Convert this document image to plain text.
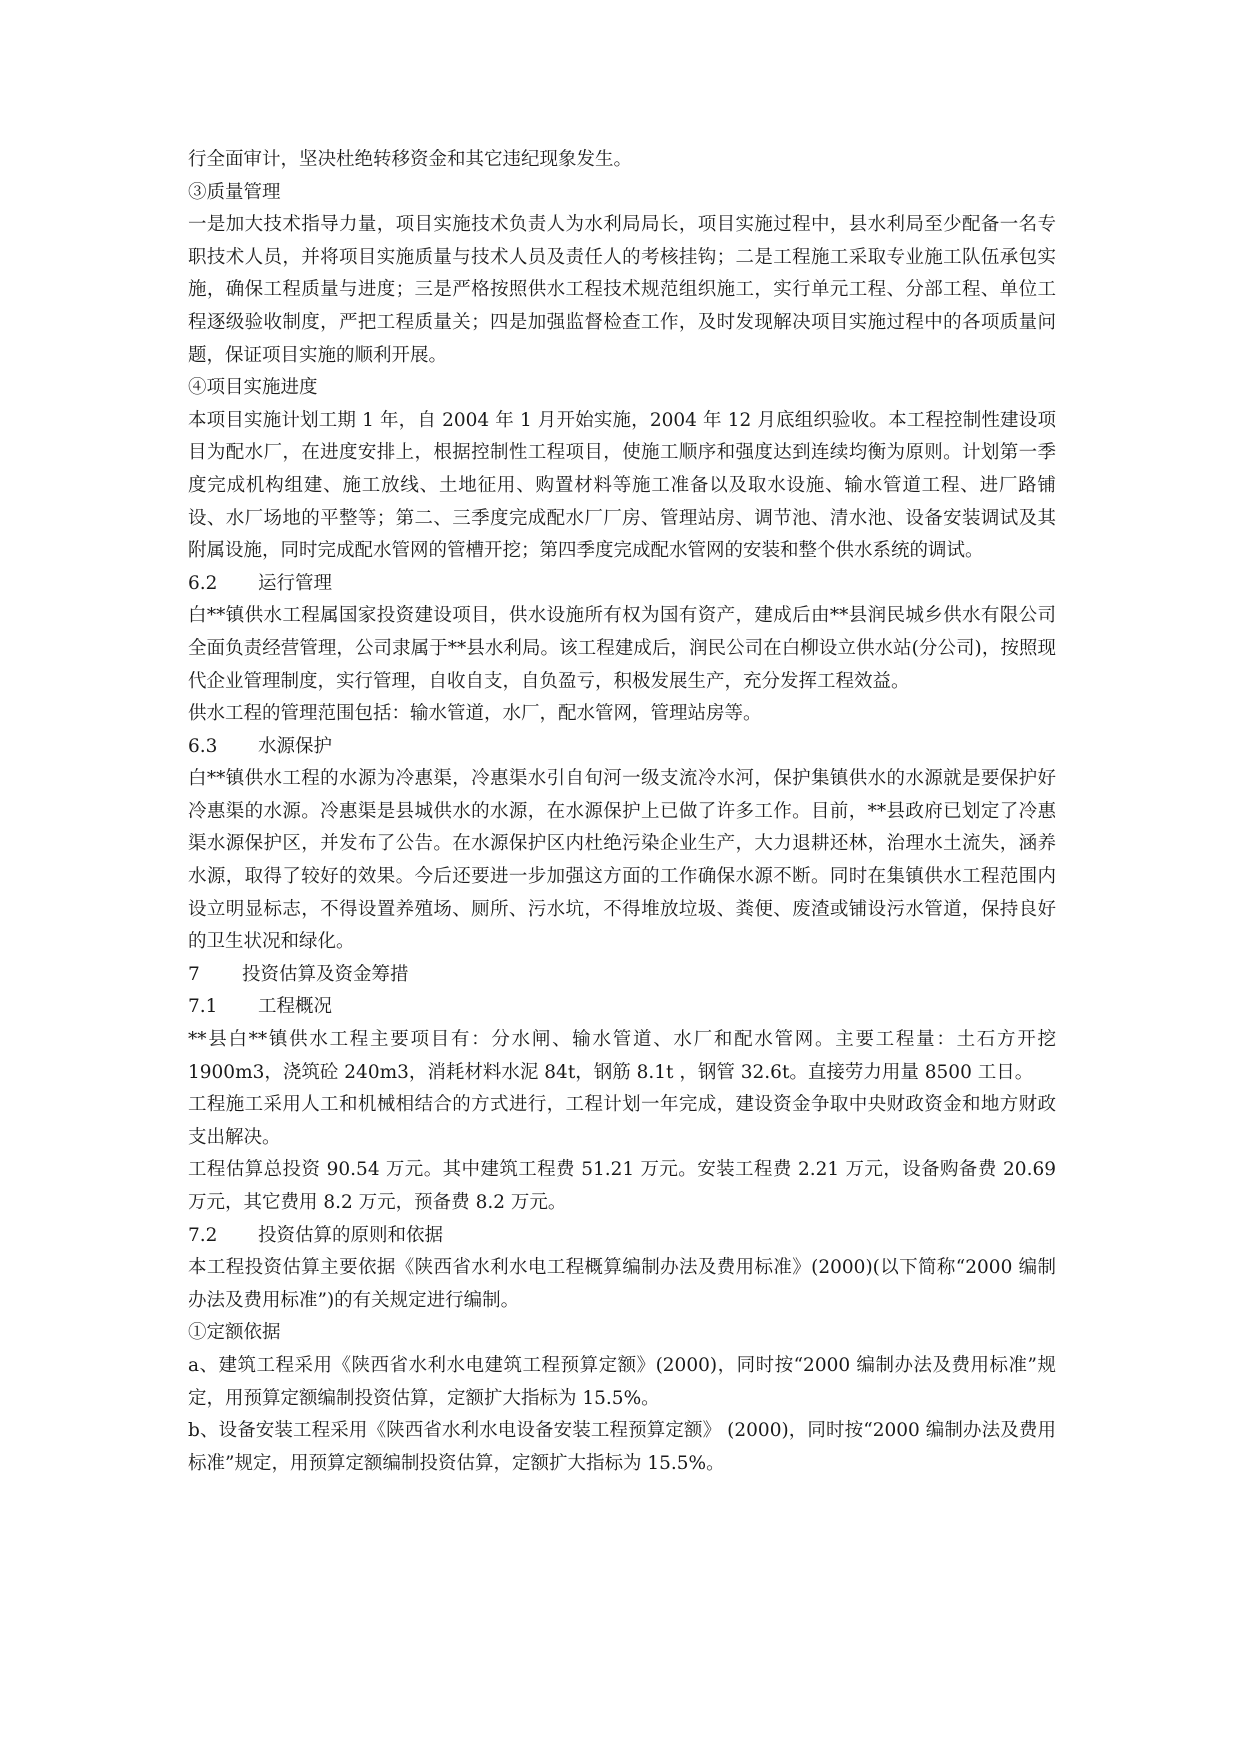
行全面审计，坚决杜绝转移资金和其它违纪现象发生。

③质量管理

一是加大技术指导力量，项目实施技术负责人为水利局局长，项目实施过程中，县水利局至少配备一名专职技术人员，并将项目实施质量与技术人员及责任人的考核挂钩；二是工程施工采取专业施工队伍承包实施，确保工程质量与进度；三是严格按照供水工程技术规范组织施工，实行单元工程、分部工程、单位工程逐级验收制度，严把工程质量关；四是加强监督检查工作，及时发现解决项目实施过程中的各项质量问题，保证项目实施的顺利开展。

④项目实施进度

本项目实施计划工期 1 年，自 2004 年 1 月开始实施，2004 年 12 月底组织验收。本工程控制性建设项目为配水厂，在进度安排上，根据控制性工程项目，使施工顺序和强度达到连续均衡为原则。计划第一季度完成机构组建、施工放线、土地征用、购置材料等施工准备以及取水设施、输水管道工程、进厂路铺设、水厂场地的平整等；第二、三季度完成配水厂厂房、管理站房、调节池、清水池、设备安装调试及其附属设施，同时完成配水管网的管槽开挖；第四季度完成配水管网的安装和整个供水系统的调试。

6.2 运行管理

白**镇供水工程属国家投资建设项目，供水设施所有权为国有资产，建成后由**县润民城乡供水有限公司全面负责经营管理，公司隶属于**县水利局。该工程建成后，润民公司在白柳设立供水站(分公司)，按照现代企业管理制度，实行管理，自收自支，自负盈亏，积极发展生产，充分发挥工程效益。

供水工程的管理范围包括：输水管道，水厂，配水管网，管理站房等。

6.3 水源保护

白**镇供水工程的水源为冷惠渠，冷惠渠水引自旬河一级支流冷水河，保护集镇供水的水源就是要保护好冷惠渠的水源。冷惠渠是县城供水的水源，在水源保护上已做了许多工作。目前，**县政府已划定了冷惠渠水源保护区，并发布了公告。在水源保护区内杜绝污染企业生产，大力退耕还林，治理水土流失，涵养水源，取得了较好的效果。今后还要进一步加强这方面的工作确保水源不断。同时在集镇供水工程范围内设立明显标志，不得设置养殖场、厕所、污水坑，不得堆放垃圾、粪便、废渣或铺设污水管道，保持良好的卫生状况和绿化。

7 投资估算及资金筹措

7.1 工程概况

**县白**镇供水工程主要项目有：分水闸、输水管道、水厂和配水管网。主要工程量：土石方开挖 1900m3，浇筑砼 240m3，消耗材料水泥 84t，钢筋 8.1t ，钢管 32.6t。直接劳力用量 8500 工日。

工程施工采用人工和机械相结合的方式进行，工程计划一年完成，建设资金争取中央财政资金和地方财政支出解决。

工程估算总投资 90.54 万元。其中建筑工程费 51.21 万元。安装工程费 2.21 万元，设备购备费 20.69 万元，其它费用 8.2 万元，预备费 8.2 万元。

7.2 投资估算的原则和依据

本工程投资估算主要依据《陕西省水利水电工程概算编制办法及费用标准》(2000)(以下简称“2000 编制办法及费用标准”)的有关规定进行编制。

①定额依据

a、建筑工程采用《陕西省水利水电建筑工程预算定额》(2000)，同时按“2000 编制办法及费用标准”规定，用预算定额编制投资估算，定额扩大指标为 15.5%。

b、设备安装工程采用《陕西省水利水电设备安装工程预算定额》 (2000)，同时按“2000 编制办法及费用标准”规定，用预算定额编制投资估算，定额扩大指标为 15.5%。
